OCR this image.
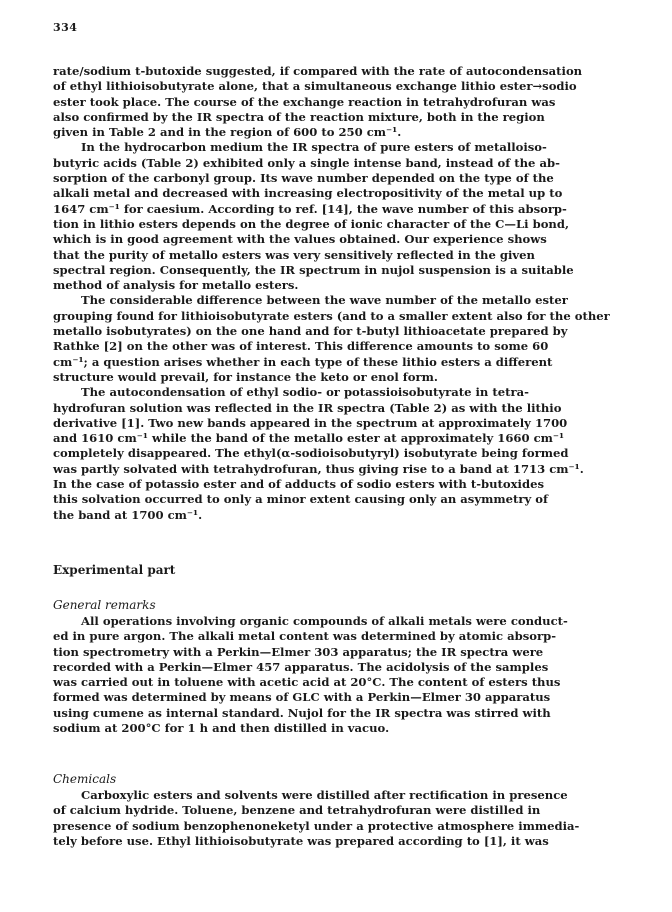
334

rate/sodium t-butoxide suggested, if compared with the rate of autocondensation
of ethyl lithioisobutyrate alone, that a simultaneous exchange lithio ester→sodio
ester took place. The course of the exchange reaction in tetrahydrofuran was
also confirmed by the IR spectra of the reaction mixture, both in the region
given in Table 2 and in the region of 600 to 250 cm⁻¹.

In the hydrocarbon medium the IR spectra of pure esters of metalloiso-
butyric acids (Table 2) exhibited only a single intense band, instead of the ab-
sorption of the carbonyl group. Its wave number depended on the type of the
alkali metal and decreased with increasing electropositivity of the metal up to
1647 cm⁻¹ for caesium. According to ref. [14], the wave number of this absorp-
tion in lithio esters depends on the degree of ionic character of the C—Li bond,
which is in good agreement with the values obtained. Our experience shows
that the purity of metallo esters was very sensitively reflected in the given
spectral region. Consequently, the IR spectrum in nujol suspension is a suitable
method of analysis for metallo esters.

The considerable difference between the wave number of the metallo ester
grouping found for lithioisobutyrate esters (and to a smaller extent also for the other
metallo isobutyrates) on the one hand and for t-butyl lithioacetate prepared by
Rathke [2] on the other was of interest. This difference amounts to some 60
cm⁻¹; a question arises whether in each type of these lithio esters a different
structure would prevail, for instance the keto or enol form.

The autocondensation of ethyl sodio- or potassioisobutyrate in tetra-
hydrofuran solution was reflected in the IR spectra (Table 2) as with the lithio
derivative [1]. Two new bands appeared in the spectrum at approximately 1700
and 1610 cm⁻¹ while the band of the metallo ester at approximately 1660 cm⁻¹
completely disappeared. The ethyl(α-sodioisobutyryl) isobutyrate being formed
was partly solvated with tetrahydrofuran, thus giving rise to a band at 1713 cm⁻¹.
In the case of potassio ester and of adducts of sodio esters with t-butoxides
this solvation occurred to only a minor extent causing only an asymmetry of
the band at 1700 cm⁻¹.

Experimental part
General remarks
All operations involving organic compounds of alkali metals were conduct-
ed in pure argon. The alkali metal content was determined by atomic absorp-
tion spectrometry with a Perkin—Elmer 303 apparatus; the IR spectra were
recorded with a Perkin—Elmer 457 apparatus. The acidolysis of the samples
was carried out in toluene with acetic acid at 20°C. The content of esters thus
formed was determined by means of GLC with a Perkin—Elmer 30 apparatus
using cumene as internal standard. Nujol for the IR spectra was stirred with
sodium at 200°C for 1 h and then distilled in vacuo.
Chemicals
Carboxylic esters and solvents were distilled after rectification in presence
of calcium hydride. Toluene, benzene and tetrahydrofuran were distilled in
presence of sodium benzophenoneketyl under a protective atmosphere immedia-
tely before use. Ethyl lithioisobutyrate was prepared according to [1], it was
